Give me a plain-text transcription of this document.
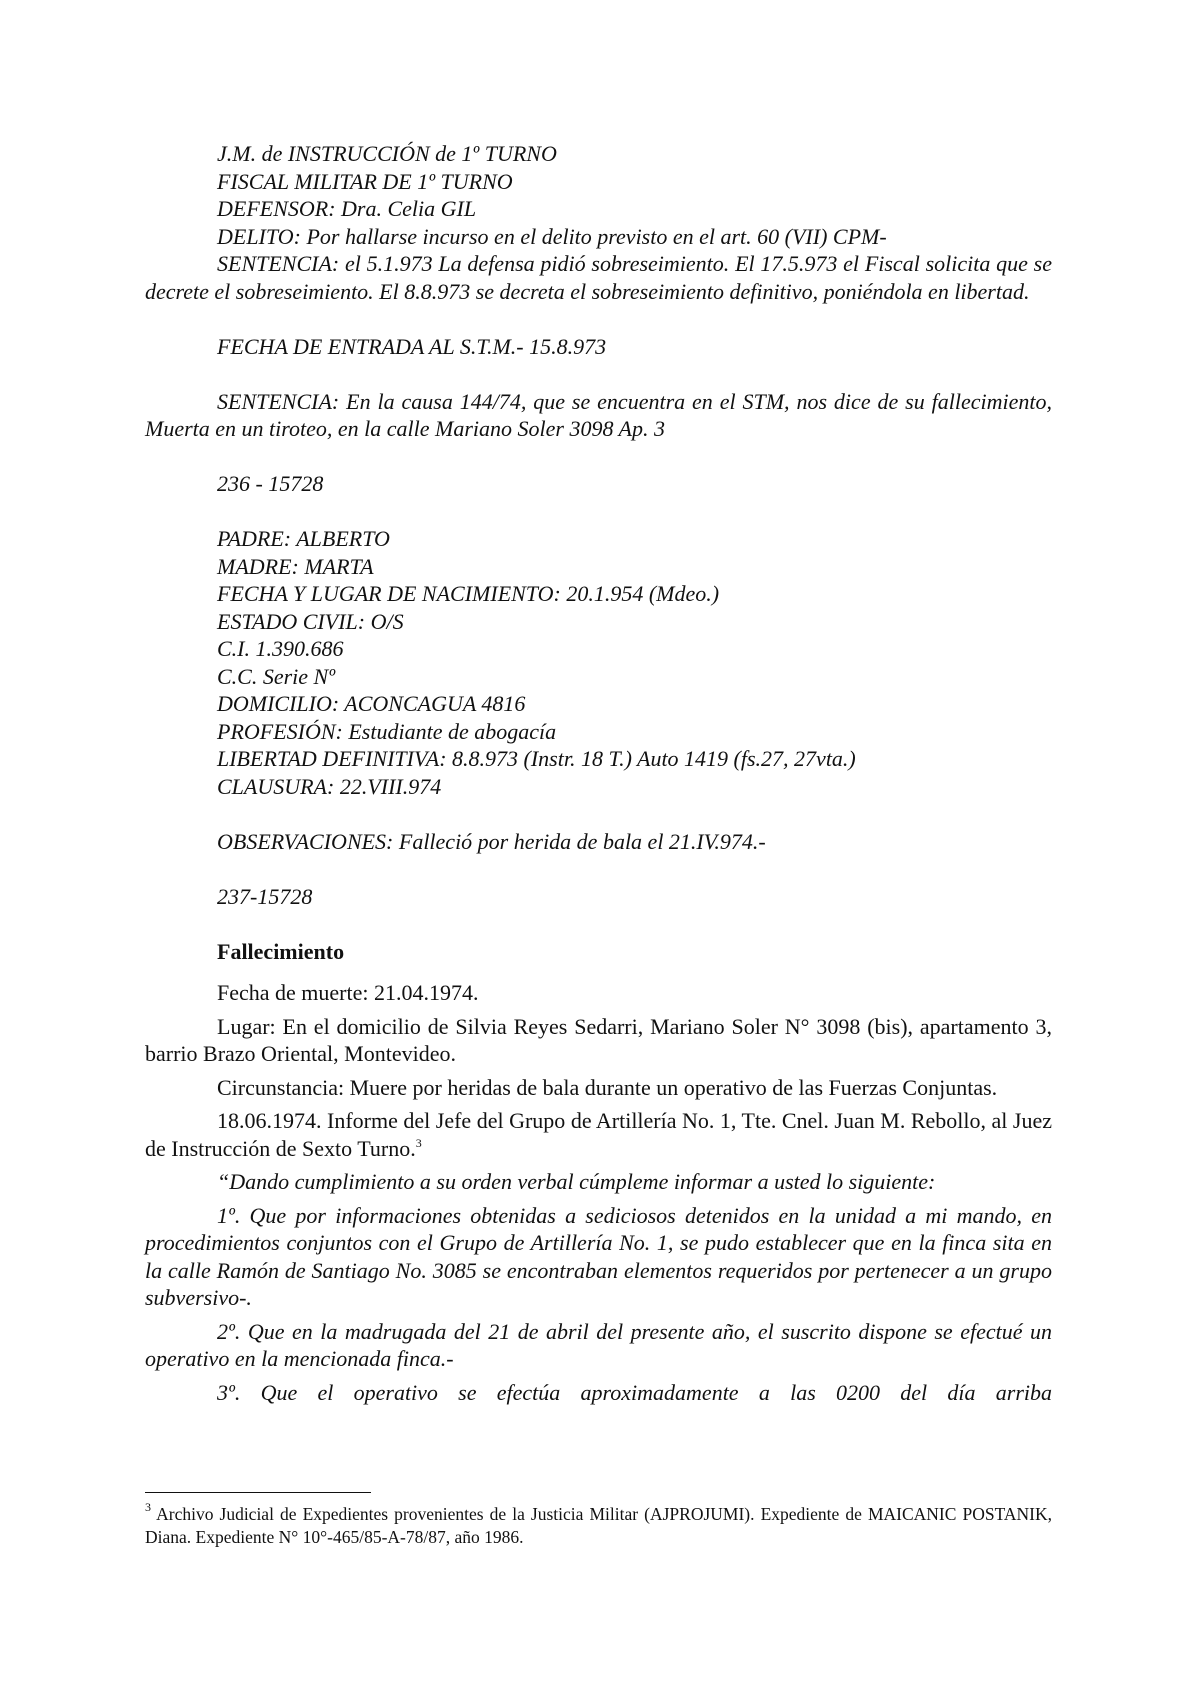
J.M. de INSTRUCCIÓN de 1º TURNO

FISCAL MILITAR DE 1º TURNO

DEFENSOR: Dra. Celia GIL

DELITO: Por hallarse incurso en el delito previsto en el art. 60 (VII) CPM-

SENTENCIA: el 5.1.973 La defensa pidió sobreseimiento. El 17.5.973 el Fiscal solicita que se decrete el sobreseimiento. El 8.8.973 se decreta el sobreseimiento definitivo, poniéndola en libertad.

FECHA DE ENTRADA AL S.T.M.- 15.8.973

SENTENCIA: En la causa 144/74, que se encuentra en el STM, nos dice de su fallecimiento, Muerta en un tiroteo, en la calle Mariano Soler 3098 Ap. 3

236 - 15728

PADRE: ALBERTO

MADRE: MARTA

FECHA Y LUGAR DE NACIMIENTO: 20.1.954 (Mdeo.)

ESTADO CIVIL: O/S

C.I. 1.390.686

C.C. Serie Nº

DOMICILIO: ACONCAGUA 4816

PROFESIÓN: Estudiante de abogacía

LIBERTAD DEFINITIVA: 8.8.973 (Instr. 18 T.) Auto 1419 (fs.27, 27vta.)

CLAUSURA: 22.VIII.974

OBSERVACIONES: Falleció por herida de bala el 21.IV.974.-

237-15728

Fallecimiento

Fecha de muerte: 21.04.1974.

Lugar: En el domicilio de Silvia Reyes Sedarri, Mariano Soler N° 3098 (bis), apartamento 3, barrio Brazo Oriental, Montevideo.

Circunstancia: Muere por heridas de bala durante un operativo de las Fuerzas Conjuntas.

18.06.1974. Informe del Jefe del Grupo de Artillería No. 1, Tte. Cnel. Juan M. Rebollo, al Juez de Instrucción de Sexto Turno.$^3$

“Dando cumplimiento a su orden verbal cúmpleme informar a usted lo siguiente:

1º. Que por informaciones obtenidas a sediciosos detenidos en la unidad a mi mando, en procedimientos conjuntos con el Grupo de Artillería No. 1, se pudo establecer que en la finca sita en la calle Ramón de Santiago No. 3085 se encontraban elementos requeridos por pertenecer a un grupo subversivo-.

2º. Que en la madrugada del 21 de abril del presente año, el suscrito dispone se efectué un operativo en la mencionada finca.-

3º. Que el operativo se efectúa aproximadamente a las 0200 del día arriba

$^3$ Archivo Judicial de Expedientes provenientes de la Justicia Militar (AJPROJUMI). Expediente de MAICANIC POSTANIK, Diana. Expediente N° 10°-465/85-A-78/87, año 1986.
